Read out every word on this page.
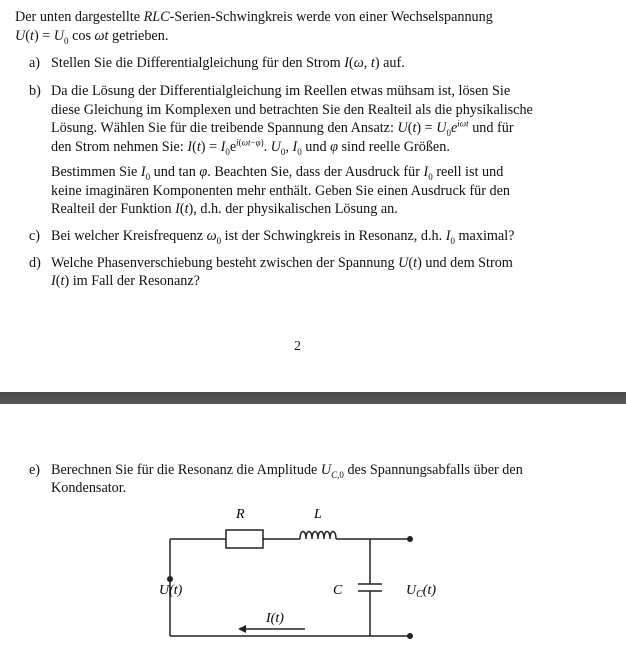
Der unten dargestellte RLC-Serien-Schwingkreis werde von einer Wechselspannung
$U(t) = U_0$ cos ωt getrieben.
a) Stellen Sie die Differentialgleichung für den Strom I(ω, t) auf.
b) Da die Lösung der Differentialgleichung im Reellen etwas mühsam ist, lösen Sie
diese Gleichung im Komplexen und betrachten Sie den Realteil als die physikalische
Lösung. Wählen Sie für die treibende Spannung den Ansatz: $U(t) = U_0e^{i\omega t}$ und für
den Strom nehmen Sie: $I(t) = I_0e^{i(\omega t-\varphi)}$. $U_0$, $I_0$ und φ sind reelle Größen.
Bestimmen Sie $I_0$ und tan φ. Beachten Sie, dass der Ausdruck für $I_0$ reell ist und
keine imaginären Komponenten mehr enthält. Geben Sie einen Ausdruck für den
Realteil der Funktion I(t), d.h. der physikalischen Lösung an.
c) Bei welcher Kreisfrequenz $\omega_0$ ist der Schwingkreis in Resonanz, d.h. $I_0$ maximal?
d) Welche Phasenverschiebung besteht zwischen der Spannung U(t) und dem Strom
I(t) im Fall der Resonanz?
2
e) Berechnen Sie für die Resonanz die Amplitude $U_{C,0}$ des Spannungsabfalls über den
Kondensator.
R	L
C
U(t)
I(t)
$U_C(t)$
